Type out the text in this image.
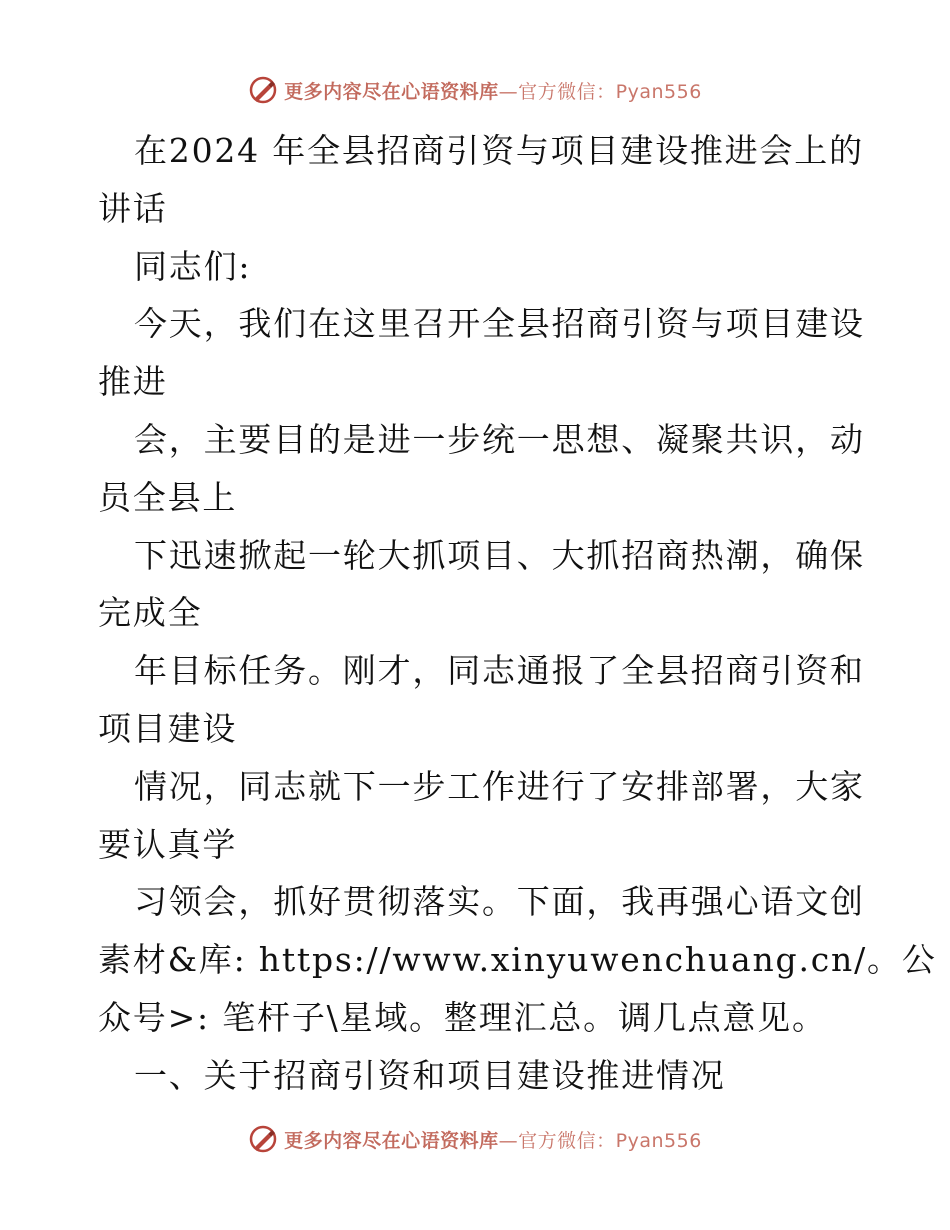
更多内容尽在心语资料库—官方微信：Pyan556
在2024 年全县招商引资与项目建设推进会上的
讲话
同志们:
今天，我们在这里召开全县招商引资与项目建设
推进
会，主要目的是进一步统一思想、凝聚共识，动
员全县上
下迅速掀起一轮大抓项目、大抓招商热潮，确保
完成全
年目标任务。刚才，同志通报了全县招商引资和
项目建设
情况，同志就下一步工作进行了安排部署，大家
要认真学
习领会，抓好贯彻落实。下面，我再强心语文创
素材&库: https://www.xinyuwenchuang.cn/。公
众号>: 笔杆子\星域。整理汇总。调几点意见。
一、关于招商引资和项目建设推进情况
更多内容尽在心语资料库—官方微信：Pyan556
